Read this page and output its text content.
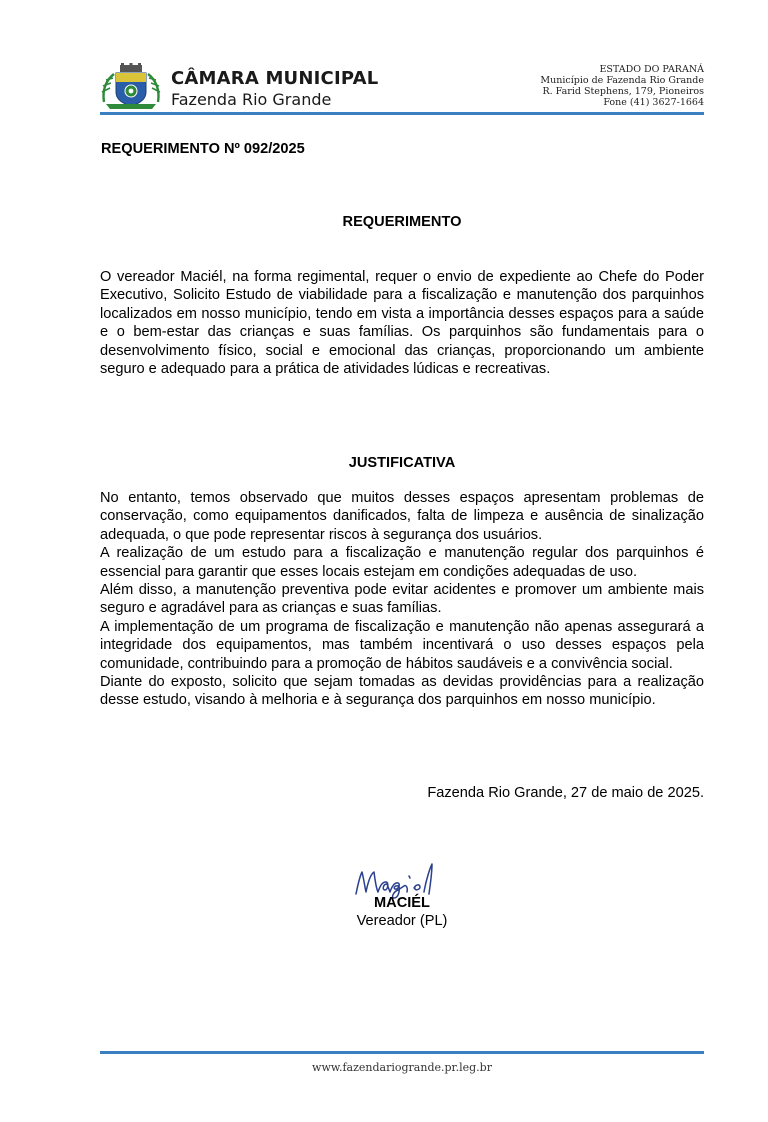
CÂMARA MUNICIPAL
Fazenda Rio Grande
ESTADO DO PARANÁ
Município de Fazenda Rio Grande
R. Farid Stephens, 179, Pioneiros
Fone (41) 3627-1664
REQUERIMENTO Nº 092/2025
REQUERIMENTO

O vereador Maciél, na forma regimental, requer o envio de expediente ao Chefe do Poder Executivo, Solicito Estudo de viabilidade para a fiscalização e manutenção dos parquinhos localizados em nosso município, tendo em vista a importância desses espaços para a saúde e o bem-estar das crianças e suas famílias. Os parquinhos são fundamentais para o desenvolvimento físico, social e emocional das crianças, proporcionando um ambiente seguro e adequado para a prática de atividades lúdicas e recreativas.

JUSTIFICATIVA

No entanto, temos observado que muitos desses espaços apresentam problemas de conservação, como equipamentos danificados, falta de limpeza e ausência de sinalização adequada, o que pode representar riscos à segurança dos usuários.

A realização de um estudo para a fiscalização e manutenção regular dos parquinhos é essencial para garantir que esses locais estejam em condições adequadas de uso.

Além disso, a manutenção preventiva pode evitar acidentes e promover um ambiente mais seguro e agradável para as crianças e suas famílias.

A implementação de um programa de fiscalização e manutenção não apenas assegurará a integridade dos equipamentos, mas também incentivará o uso desses espaços pela comunidade, contribuindo para a promoção de hábitos saudáveis e a convivência social.

Diante do exposto, solicito que sejam tomadas as devidas providências para a realização desse estudo, visando à melhoria e à segurança dos parquinhos em nosso município.

Fazenda Rio Grande, 27 de maio de 2025.
MACIÉL
Vereador (PL)
www.fazendariogrande.pr.leg.br
